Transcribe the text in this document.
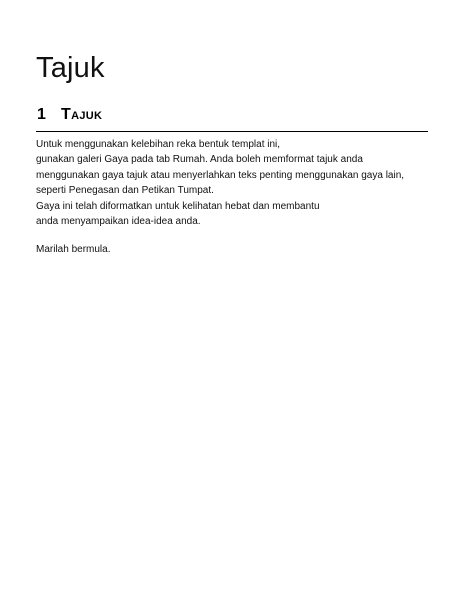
Tajuk
1 Tajuk
Untuk menggunakan kelebihan reka bentuk templat ini,
gunakan galeri Gaya pada tab Rumah. Anda boleh memformat tajuk anda
menggunakan gaya tajuk atau menyerlahkan teks penting menggunakan gaya lain,
seperti Penegasan dan Petikan Tumpat.
Gaya ini telah diformatkan untuk kelihatan hebat dan membantu
anda menyampaikan idea-idea anda.
Marilah bermula.
